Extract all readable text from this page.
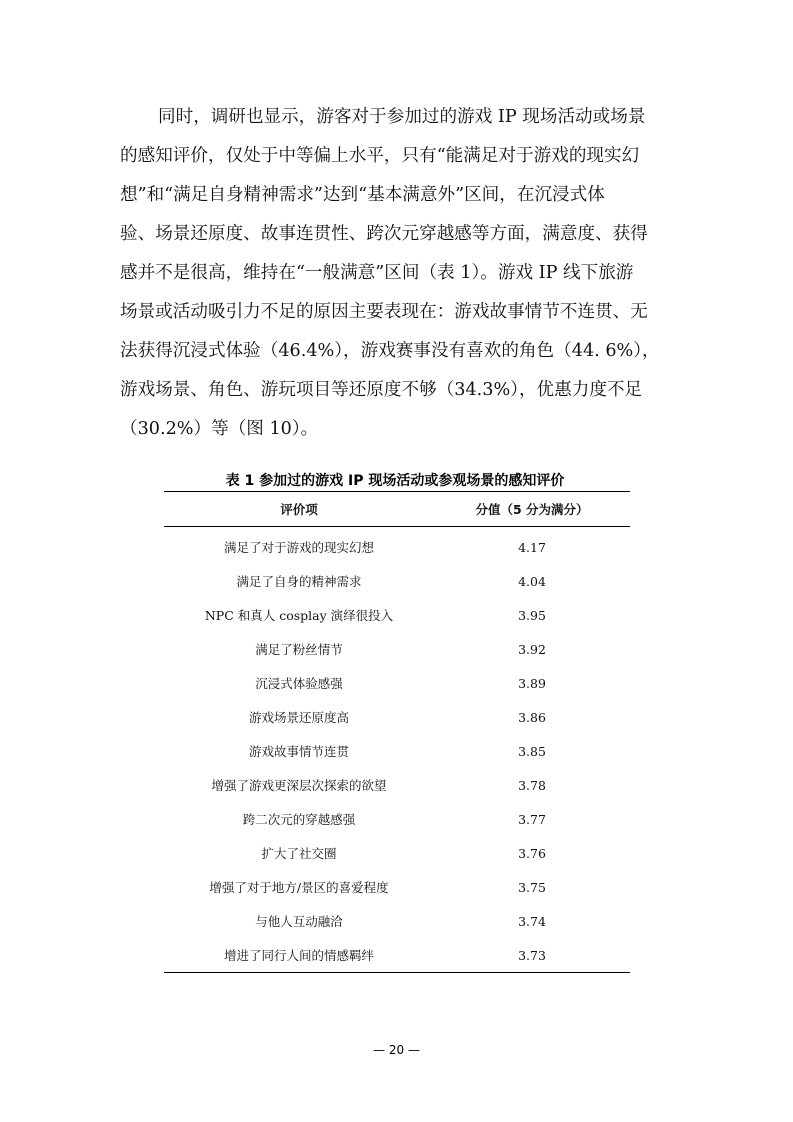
同时，调研也显示，游客对于参加过的游戏 IP 现场活动或场景
的感知评价，仅处于中等偏上水平，只有“能满足对于游戏的现实幻
想”和“满足自身精神需求”达到“基本满意外”区间，在沉浸式体
验、场景还原度、故事连贯性、跨次元穿越感等方面，满意度、获得
感并不是很高，维持在“一般满意”区间（表 1）。游戏 IP 线下旅游
场景或活动吸引力不足的原因主要表现在：游戏故事情节不连贯、无
法获得沉浸式体验（46.4%），游戏赛事没有喜欢的角色（44. 6%），
游戏场景、角色、游玩项目等还原度不够（34.3%），优惠力度不足
（30.2%）等（图 10）。
表 1 参加过的游戏 IP 现场活动或参观场景的感知评价
评价项	分值（5 分为满分）
满足了对于游戏的现实幻想	4.17
满足了自身的精神需求	4.04
NPC 和真人 cosplay 演绎很投入	3.95
满足了粉丝情节	3.92
沉浸式体验感强	3.89
游戏场景还原度高	3.86
游戏故事情节连贯	3.85
增强了游戏更深层次探索的欲望	3.78
跨二次元的穿越感强	3.77
扩大了社交圈	3.76
增强了对于地方/景区的喜爱程度	3.75
与他人互动融洽	3.74
增进了同行人间的情感羁绊	3.73
— 20 —
